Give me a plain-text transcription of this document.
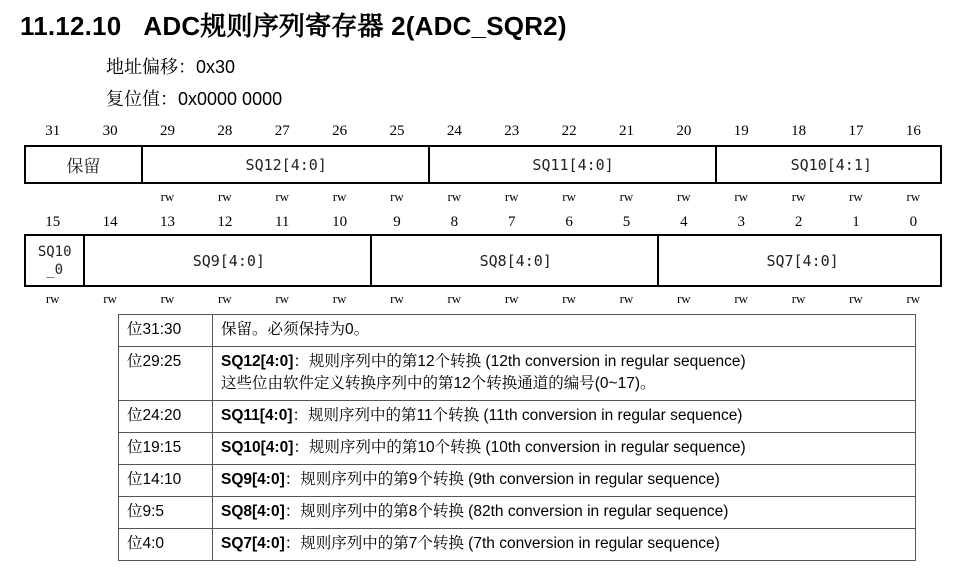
11.12.10 ADC规则序列寄存器 2(ADC_SQR2)
地址偏移：0x30
复位值：0x0000 0000
31	30	29	28	27	26	25	24	23	22	21	20	19	18	17	16
保留	SQ12[4:0]	SQ11[4:0]	SQ10[4:1]
rw	rw	rw	rw	rw	rw	rw	rw	rw	rw	rw	rw	rw	rw
15	14	13	12	11	10	9	8	7	6	5	4	3	2	1	0
SQ10
_0	SQ9[4:0]	SQ8[4:0]	SQ7[4:0]
rw	rw	rw	rw	rw	rw	rw	rw	rw	rw	rw	rw	rw	rw	rw	rw
位31:30	保留。必须保持为0。
位29:25	SQ12[4:0]：规则序列中的第12个转换 (12th conversion in regular sequence)
这些位由软件定义转换序列中的第12个转换通道的编号(0~17)。
位24:20	SQ11[4:0]：规则序列中的第11个转换 (11th conversion in regular sequence)
位19:15	SQ10[4:0]：规则序列中的第10个转换 (10th conversion in regular sequence)
位14:10	SQ9[4:0]：规则序列中的第9个转换 (9th conversion in regular sequence)
位9:5	SQ8[4:0]：规则序列中的第8个转换 (82th conversion in regular sequence)
位4:0	SQ7[4:0]：规则序列中的第7个转换 (7th conversion in regular sequence)
